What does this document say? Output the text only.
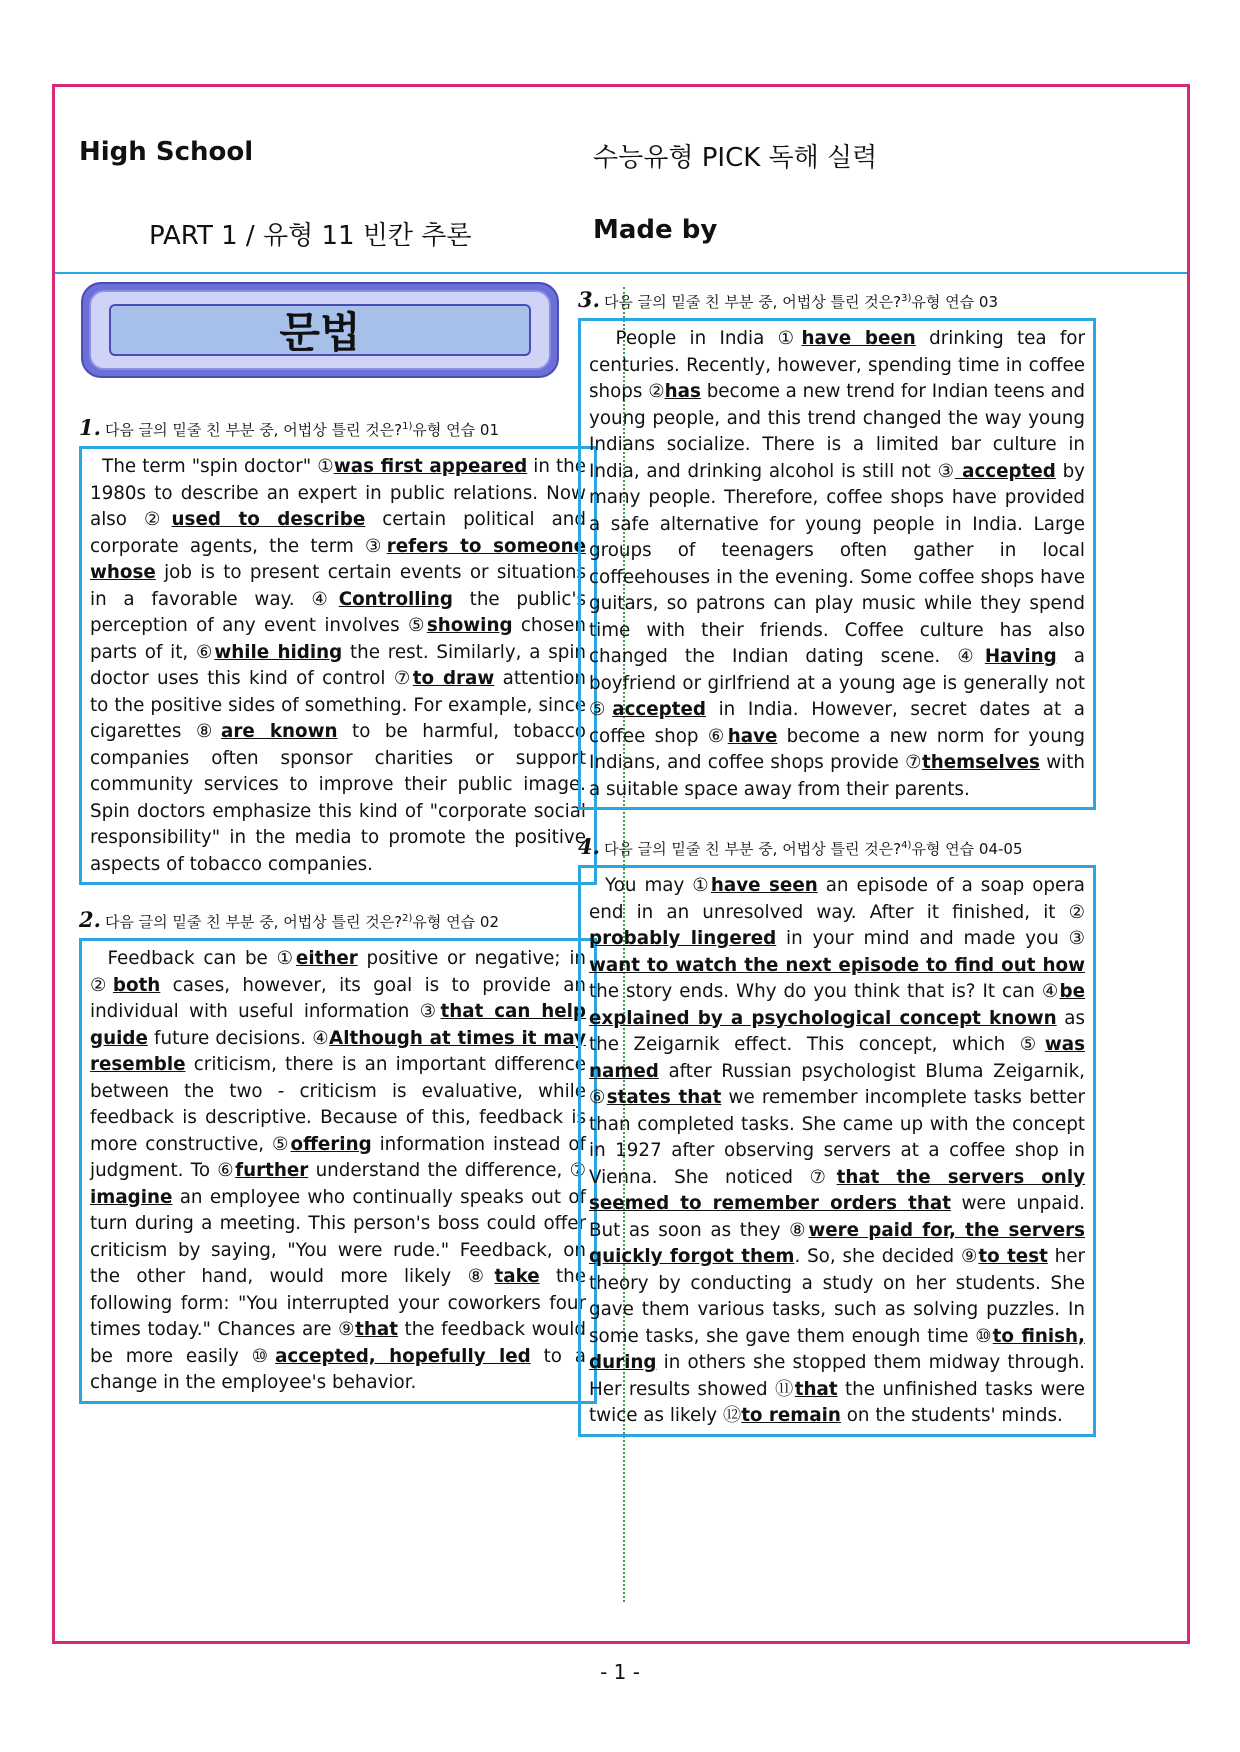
High School	수능유형 PICK 독해 실력
PART 1 / 유형 11 빈칸 추론	Made by
문법
1. 다음 글의 밑줄 친 부분 중, 어법상 틀린 것은?$^{1)}$유형 연습 01
The term "spin doctor" ①was first appeared in the 1980s to describe an expert in public relations. Now also ②used to describe certain political and corporate agents, the term ③refers to someone whose job is to present certain events or situations in a favorable way. ④Controlling the public's perception of any event involves ⑤showing chosen parts of it, ⑥while hiding the rest. Similarly, a spin doctor uses this kind of control ⑦to draw attention to the positive sides of something. For example, since cigarettes ⑧are known to be harmful, tobacco companies often sponsor charities or support community services to improve their public image. Spin doctors emphasize this kind of "corporate social responsibility" in the media to promote the positive aspects of tobacco companies.
2. 다음 글의 밑줄 친 부분 중, 어법상 틀린 것은?$^{2)}$유형 연습 02
Feedback can be ①either positive or negative; in ②both cases, however, its goal is to provide an individual with useful information ③that can help guide future decisions. ④Although at times it may resemble criticism, there is an important difference between the two - criticism is evaluative, while feedback is descriptive. Because of this, feedback is more constructive, ⑤offering information instead of judgment. To ⑥further understand the difference, ⑦ imagine an employee who continually speaks out of turn during a meeting. This person's boss could offer criticism by saying, "You were rude." Feedback, on the other hand, would more likely ⑧take the following form: "You interrupted your coworkers four times today." Chances are ⑨that the feedback would be more easily ⑩accepted, hopefully led to a change in the employee's behavior.
3. 다음 글의 밑줄 친 부분 중, 어법상 틀린 것은?$^{3)}$유형 연습 03
People in India ①have been drinking tea for centuries. Recently, however, spending time in coffee shops ②has become a new trend for Indian teens and young people, and this trend changed the way young Indians socialize. There is a limited bar culture in India, and drinking alcohol is still not ③ accepted by many people. Therefore, coffee shops have provided a safe alternative for young people in India. Large groups of teenagers often gather in local coffeehouses in the evening. Some coffee shops have guitars, so patrons can play music while they spend time with their friends. Coffee culture has also changed the Indian dating scene. ④Having a boyfriend or girlfriend at a young age is generally not ⑤accepted in India. However, secret dates at a coffee shop ⑥have become a new norm for young Indians, and coffee shops provide ⑦themselves with a suitable space away from their parents.
4. 다음 글의 밑줄 친 부분 중, 어법상 틀린 것은?$^{4)}$유형 연습 04-05
You may ①have seen an episode of a soap opera end in an unresolved way. After it finished, it ② probably lingered in your mind and made you ③ want to watch the next episode to find out how the story ends. Why do you think that is? It can ④be explained by a psychological concept known as the Zeigarnik effect. This concept, which ⑤was named after Russian psychologist Bluma Zeigarnik, ⑥states that we remember incomplete tasks better than completed tasks. She came up with the concept in 1927 after observing servers at a coffee shop in Vienna. She noticed ⑦that the servers only seemed to remember orders that were unpaid. But as soon as they ⑧were paid for, the servers quickly forgot them. So, she decided ⑨to test her theory by conducting a study on her students. She gave them various tasks, such as solving puzzles. In some tasks, she gave them enough time ⑩to finish, during in others she stopped them midway through. Her results showed ⑪that the unfinished tasks were twice as likely ⑫to remain on the students' minds.
- 1 -
